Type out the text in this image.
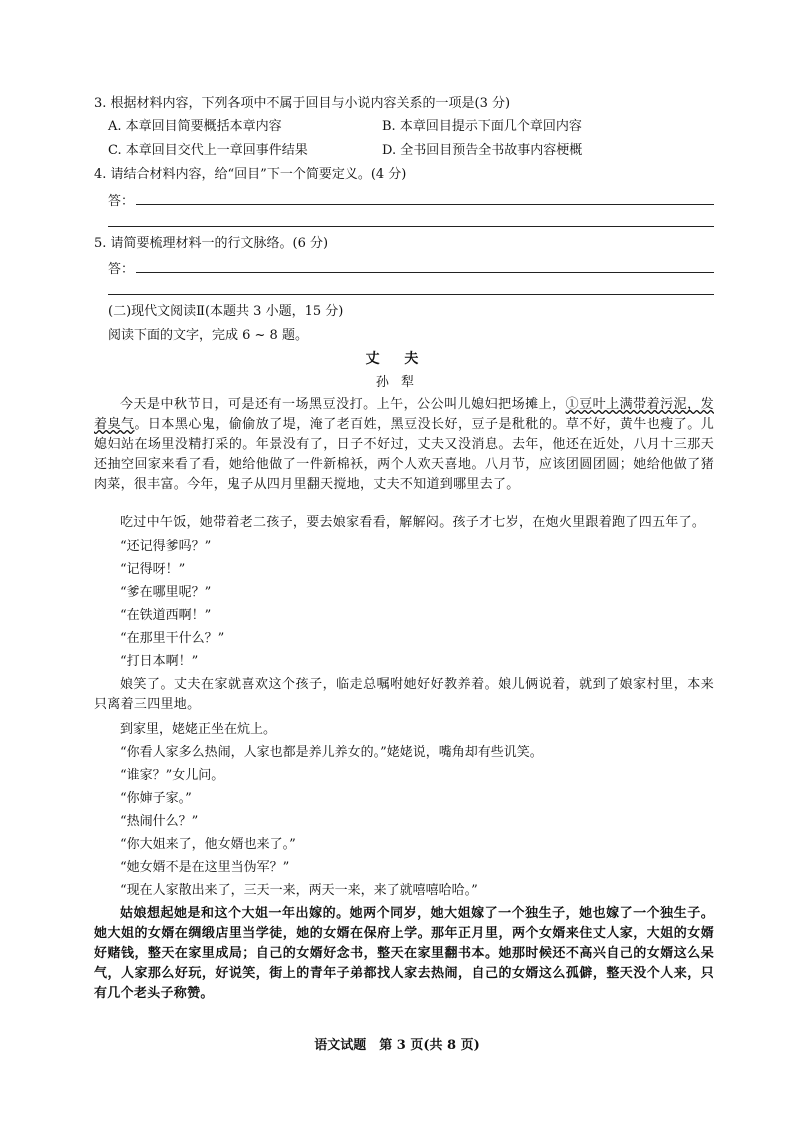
3. 根据材料内容，下列各项中不属于回目与小说内容关系的一项是(3 分)
A. 本章回目简要概括本章内容	B. 本章回目提示下面几个章回内容
C. 本章回目交代上一章回事件结果	D. 全书回目预告全书故事内容梗概
4. 请结合材料内容，给“回目”下一个简要定义。(4 分)
答：
5. 请简要梳理材料一的行文脉络。(6 分)
答：
(二)现代文阅读Ⅱ(本题共 3 小题，15 分)
阅读下面的文字，完成 6 ~ 8 题。
丈 夫
孙 犁
今天是中秋节日，可是还有一场黑豆没打。上午，公公叫儿媳妇把场摊上，①豆叶上满带着污泥，发着臭气。日本黑心鬼，偷偷放了堤，淹了老百姓，黑豆没长好，豆子是秕秕的。草不好，黄牛也瘦了。儿媳妇站在场里没精打采的。年景没有了，日子不好过，丈夫又没消息。去年，他还在近处，八月十三那天还抽空回家来看了看，她给他做了一件新棉袄，两个人欢天喜地。八月节，应该团圆团圆；她给他做了猪肉菜，很丰富。今年，鬼子从四月里翻天搅地，丈夫不知道到哪里去了。
吃过中午饭，她带着老二孩子，要去娘家看看，解解闷。孩子才七岁，在炮火里跟着跑了四五年了。
“还记得爹吗？”
“记得呀！”
“爹在哪里呢？”
“在铁道西啊！”
“在那里干什么？”
“打日本啊！”
娘笑了。丈夫在家就喜欢这个孩子，临走总嘱咐她好好教养着。娘儿俩说着，就到了娘家村里，本来只离着三四里地。
到家里，姥姥正坐在炕上。
“你看人家多么热闹，人家也都是养儿养女的。”姥姥说，嘴角却有些讥笑。
“谁家？”女儿问。
“你婶子家。”
“热闹什么？”
“你大姐来了，他女婿也来了。”
“她女婿不是在这里当伪军？”
“现在人家散出来了，三天一来，两天一来，来了就嘻嘻哈哈。”
姑娘想起她是和这个大姐一年出嫁的。她两个同岁，她大姐嫁了一个独生子，她也嫁了一个独生子。她大姐的女婿在绸缎店里当学徒，她的女婿在保府上学。那年正月里，两个女婿来住丈人家，大姐的女婿好赌钱，整天在家里成局；自己的女婿好念书，整天在家里翻书本。她那时候还不高兴自己的女婿这么呆气，人家那么好玩，好说笑，街上的青年子弟都找人家去热闹，自己的女婿这么孤僻，整天没个人来，只有几个老头子称赞。
语文试题　第 3 页(共 8 页)
